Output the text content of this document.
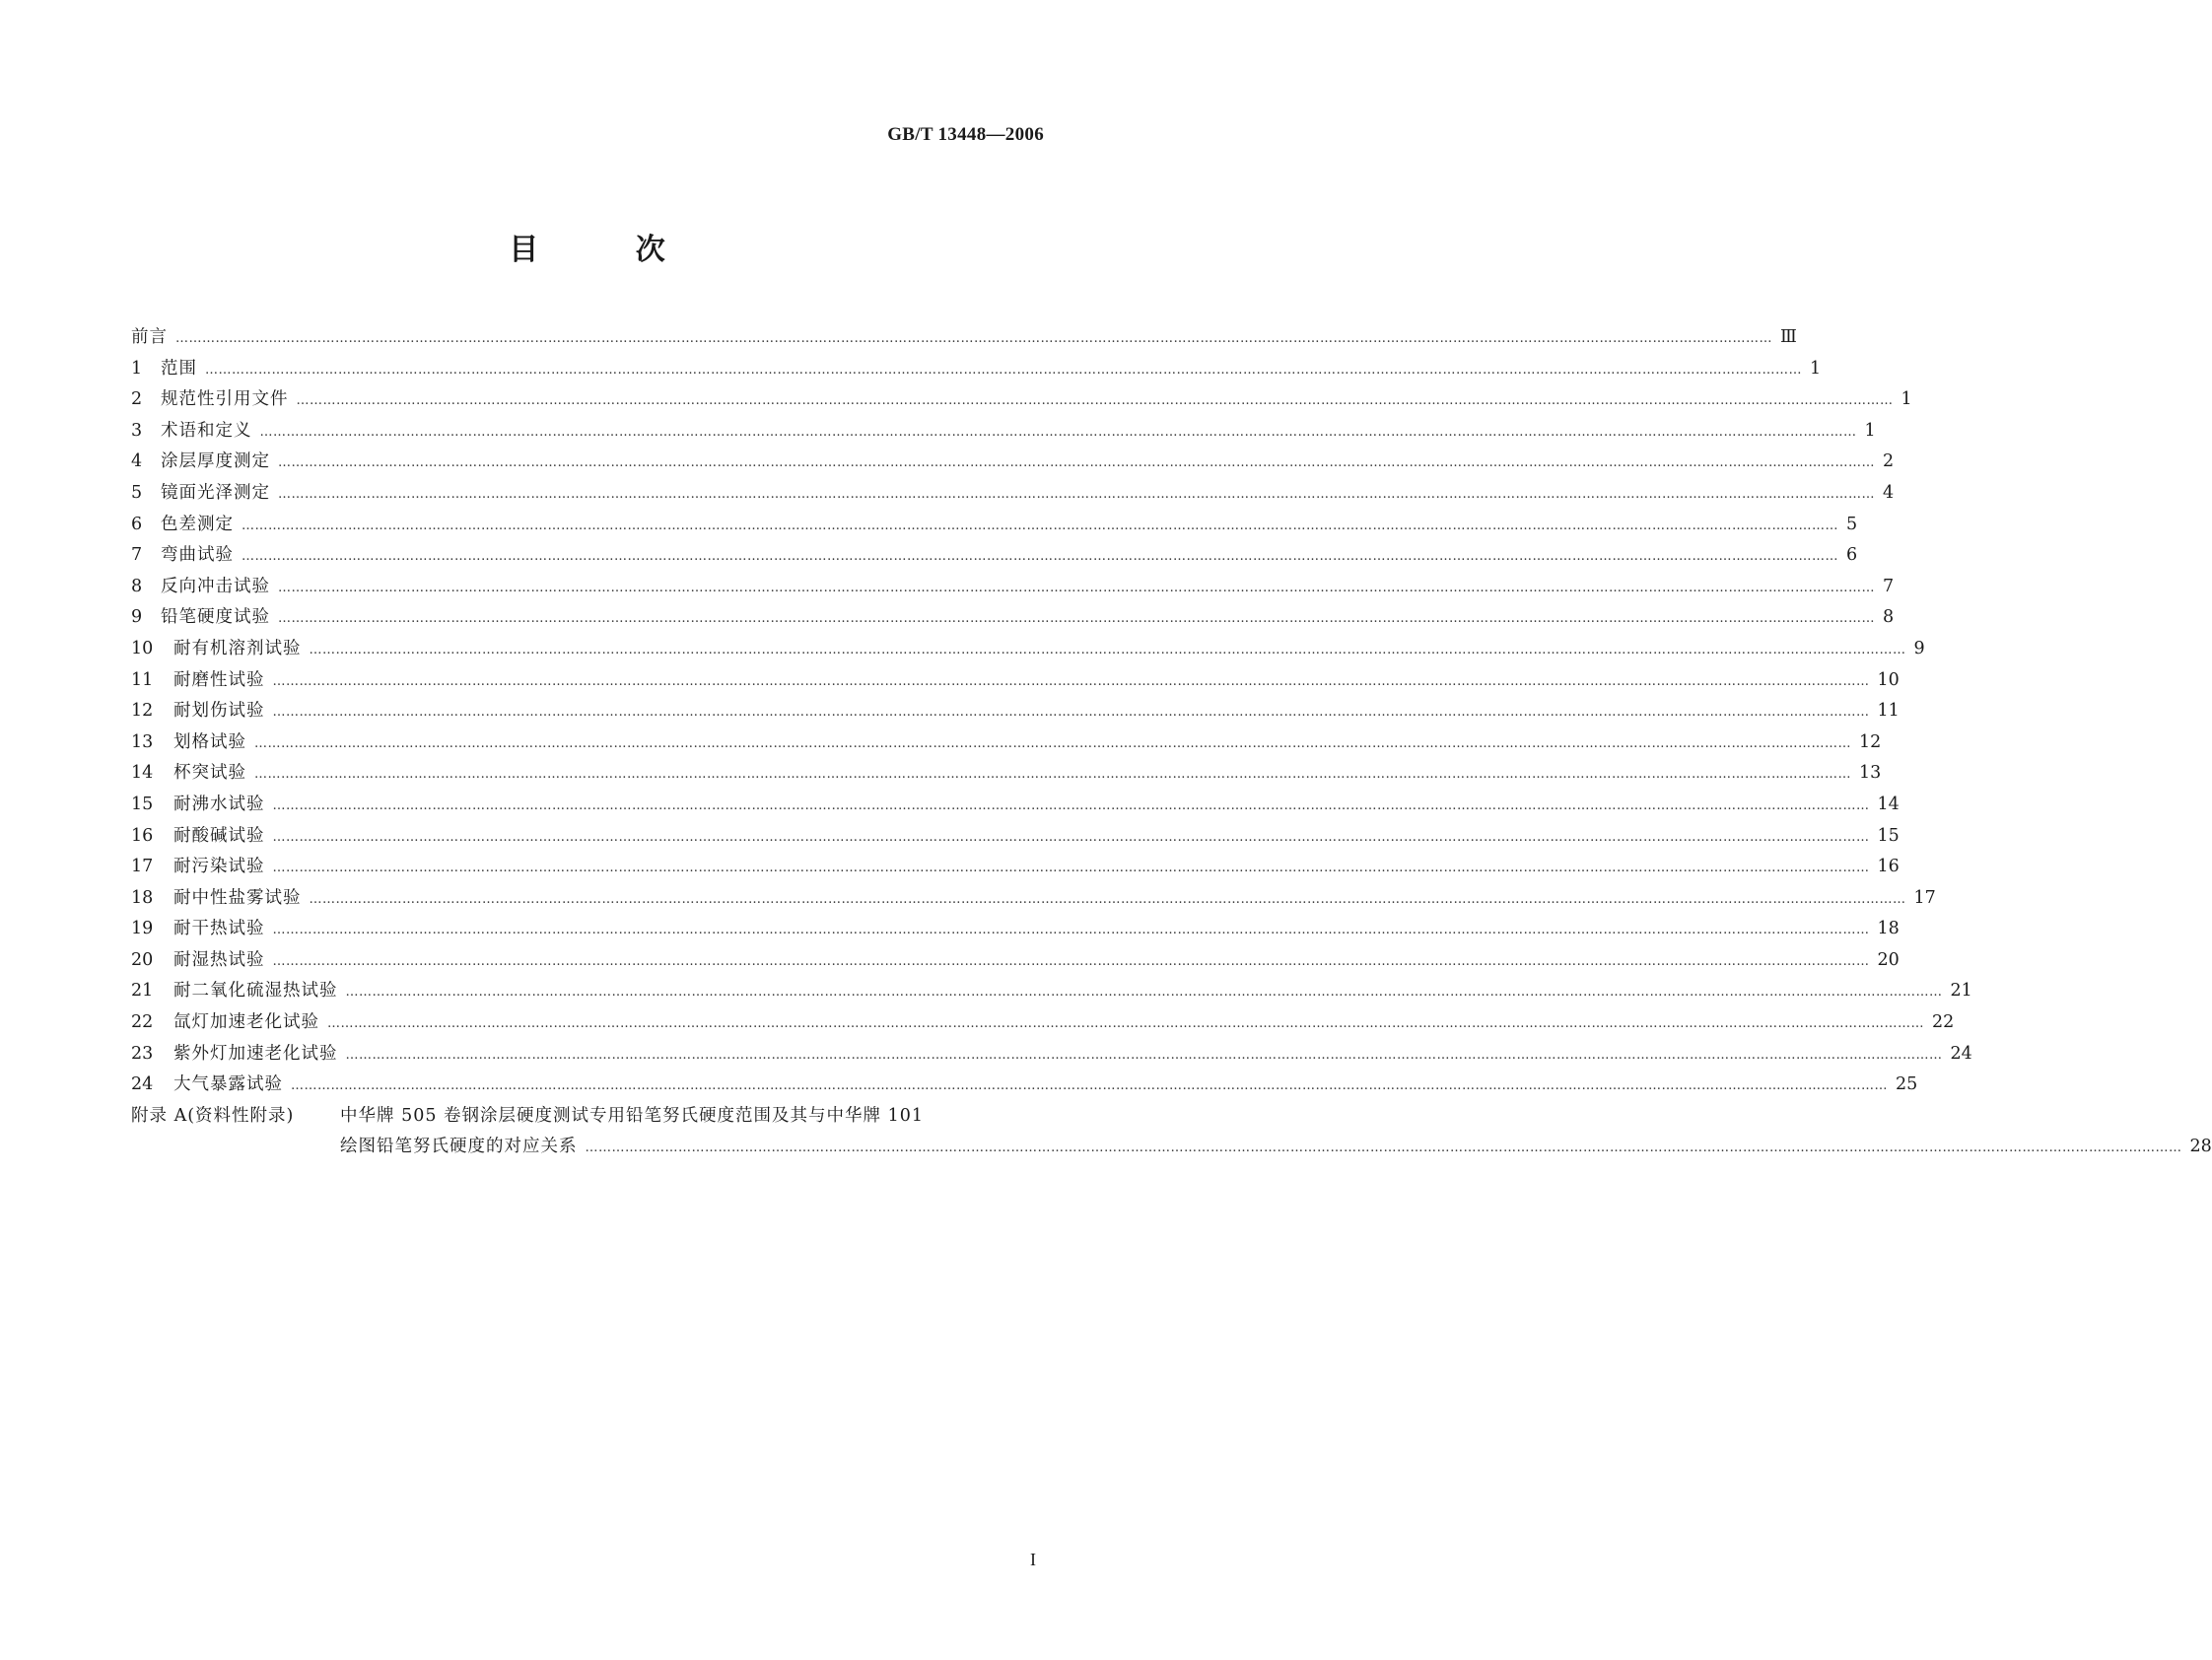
GB/T 13448—2006
目 次
前言 ……………………………………………………………………………………………………………………………………………………………………………………………………………………………………………………………………………………………………………………………… Ⅲ
1	范围 ……………………………………………………………………………………………………………………………………………………………………………………………………………………………………………………………………………………………………………………………… 1
2	规范性引用文件 ……………………………………………………………………………………………………………………………………………………………………………………………………………………………………………………………………………………………………………………………… 1
3	术语和定义 ……………………………………………………………………………………………………………………………………………………………………………………………………………………………………………………………………………………………………………………………… 1
4	涂层厚度测定 ……………………………………………………………………………………………………………………………………………………………………………………………………………………………………………………………………………………………………………………………… 2
5	镜面光泽测定 ……………………………………………………………………………………………………………………………………………………………………………………………………………………………………………………………………………………………………………………………… 4
6	色差测定 ……………………………………………………………………………………………………………………………………………………………………………………………………………………………………………………………………………………………………………………………… 5
7	弯曲试验 ……………………………………………………………………………………………………………………………………………………………………………………………………………………………………………………………………………………………………………………………… 6
8	反向冲击试验 ……………………………………………………………………………………………………………………………………………………………………………………………………………………………………………………………………………………………………………………………… 7
9	铅笔硬度试验 ……………………………………………………………………………………………………………………………………………………………………………………………………………………………………………………………………………………………………………………………… 8
10	耐有机溶剂试验 ……………………………………………………………………………………………………………………………………………………………………………………………………………………………………………………………………………………………………………………………… 9
11	耐磨性试验 ……………………………………………………………………………………………………………………………………………………………………………………………………………………………………………………………………………………………………………………………… 10
12	耐划伤试验 ……………………………………………………………………………………………………………………………………………………………………………………………………………………………………………………………………………………………………………………………… 11
13	划格试验 ……………………………………………………………………………………………………………………………………………………………………………………………………………………………………………………………………………………………………………………………… 12
14	杯突试验 ……………………………………………………………………………………………………………………………………………………………………………………………………………………………………………………………………………………………………………………………… 13
15	耐沸水试验 ……………………………………………………………………………………………………………………………………………………………………………………………………………………………………………………………………………………………………………………………… 14
16	耐酸碱试验 ……………………………………………………………………………………………………………………………………………………………………………………………………………………………………………………………………………………………………………………………… 15
17	耐污染试验 ……………………………………………………………………………………………………………………………………………………………………………………………………………………………………………………………………………………………………………………………… 16
18	耐中性盐雾试验 ……………………………………………………………………………………………………………………………………………………………………………………………………………………………………………………………………………………………………………………………… 17
19	耐干热试验 ……………………………………………………………………………………………………………………………………………………………………………………………………………………………………………………………………………………………………………………………… 18
20	耐湿热试验 ……………………………………………………………………………………………………………………………………………………………………………………………………………………………………………………………………………………………………………………………… 20
21	耐二氧化硫湿热试验 ……………………………………………………………………………………………………………………………………………………………………………………………………………………………………………………………………………………………………………………………… 21
22	氙灯加速老化试验 ……………………………………………………………………………………………………………………………………………………………………………………………………………………………………………………………………………………………………………………………… 22
23	紫外灯加速老化试验 ……………………………………………………………………………………………………………………………………………………………………………………………………………………………………………………………………………………………………………………………… 24
24	大气暴露试验 ……………………………………………………………………………………………………………………………………………………………………………………………………………………………………………………………………………………………………………………………… 25
附录 A(资料性附录)	中华牌 505 卷钢涂层硬度测试专用铅笔努氏硬度范围及其与中华牌 101
绘图铅笔努氏硬度的对应关系 ……………………………………………………………………………………………………………………………………………………………………………………………………………………………………………………………………………………………………………………………… 28
I
